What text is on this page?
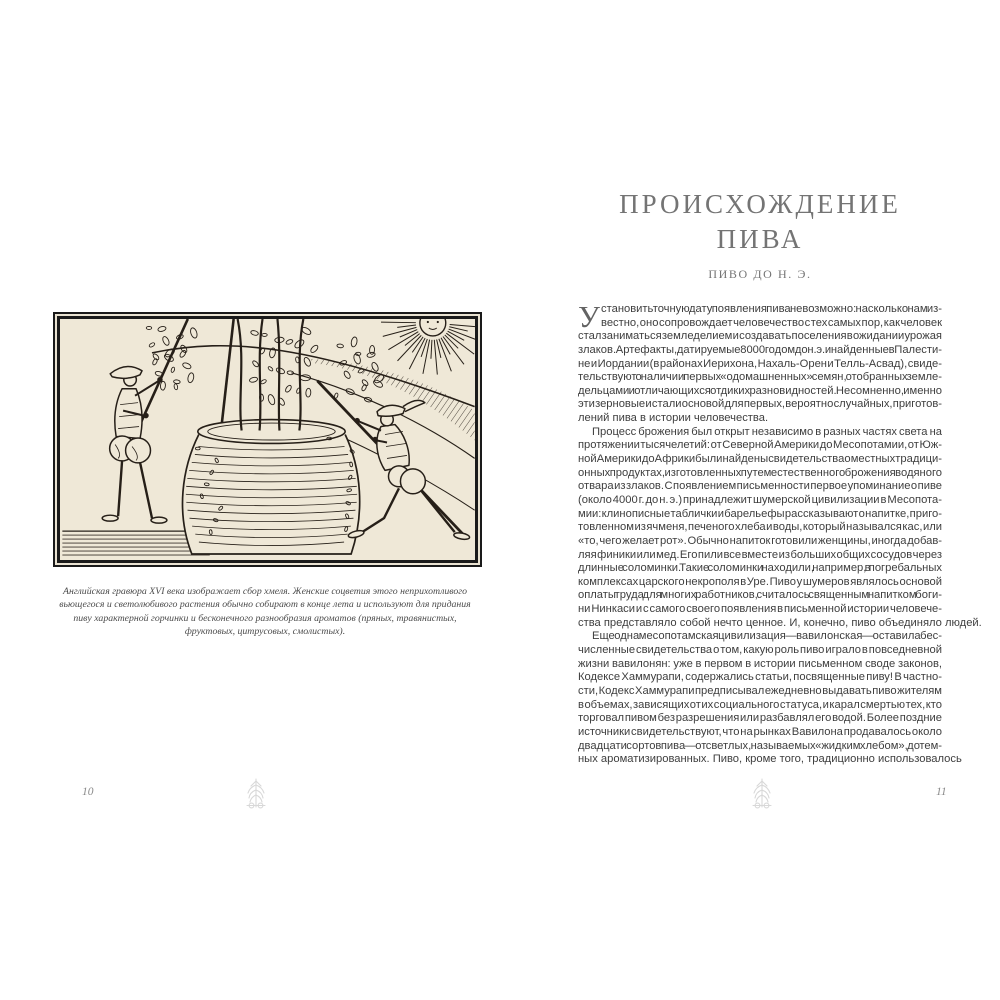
Английская гравюра XVI века изображает сбор хмеля. Женские соцветия этого неприхотливого
вьющегося и светолюбивого растения обычно собирают в конце лета и используют для придания
пиву характерной горчинки и бесконечного разнообразия ароматов (пряных, травянистых,
фруктовых, цитрусовых, смолистых).
10
ПРОИСХОЖДЕНИЕ
ПИВА
ПИВО ДО Н. Э.
У становить точную дату появления пива невозможно: насколько нам из-
вестно, оно сопровождает человечество с тех самых пор, как человек
стал заниматься земледелием и создавать поселения в ожидании урожая
злаков. Артефакты, датируемые 8000 годом до н. э. и найденные в Палести-
не и Иордании (в районах Иерихона, Нахаль-Орен и Телль-Асвад), свиде-
тельствуют о наличии первых «одомашненных» семян, отобранных земле-
дельцами и отличающихся от диких разновидностей. Несомненно, именно
эти зерновые и стали основой для первых, вероятно случайных, приготов-
лений пива в истории человечества.
Процесс брожения был открыт независимо в разных частях света на
протяжении тысячелетий: от Северной Америки до Месопотамии, от Юж-
ной Америки до Африки были найдены свидетельства о местных традици-
онных продуктах, изготовленных путем естественного брожения водяного
отвара из злаков. С появлением письменности первое упоминание о пиве
(около 4000 г. до н. э.) принадлежит шумерской цивилизации в Месопота-
мии: клинописные таблички и барельефы рассказывают о напитке, приго-
товленном из ячменя, печеного хлеба и воды, который назывался кас, или
«то, чего желает рот». Обычно напиток готовили женщины, иногда добав-
ляя финики или мед. Его пили все вместе из больших общих сосудов через
длинные соломинки. Такие соломинки находили, например, в погребальных
комплексах царского некрополя в Уре. Пиво у шумеров являлось основой
оплаты труда для многих работников, считалось священным напитком боги-
ни Нинкаси и с самого своего появления в письменной истории человече-
ства представляло собой нечто ценное. И, конечно, пиво объединяло людей.
Еще одна месопотамская цивилизация — вавилонская — оставила бес-
численные свидетельства о том, какую роль пиво играло в повседневной
жизни вавилонян: уже в первом в истории письменном своде законов,
Кодексе Хаммурапи, содержались статьи, посвященные пиву! В частно-
сти, Кодекс Хаммурапи предписывал ежедневно выдавать пиво жителям
в объемах, зависящих от их социального статуса, и карал смертью тех, кто
торговал пивом без разрешения или разбавлял его водой. Более поздние
источники свидетельствуют, что на рынках Вавилона продавалось около
двадцати сортов пива — от светлых, называемых «жидким хлебом», до тем-
ных ароматизированных. Пиво, кроме того, традиционно использовалось
11
